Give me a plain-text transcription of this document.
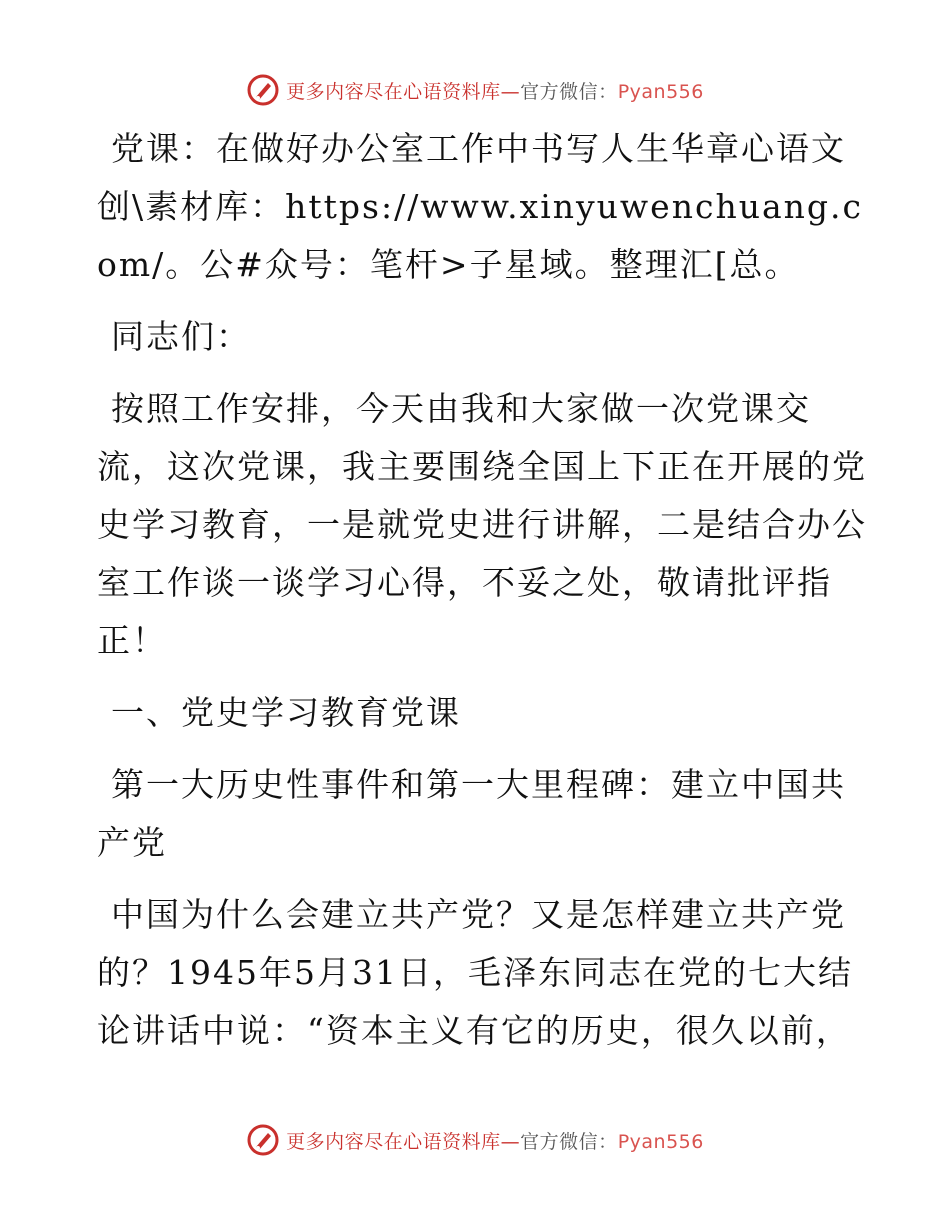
更多内容尽在心语资料库—官方微信：Pyan556

党课：在做好办公室工作中书写人生华章心语文创\素材库：https://www.xinyuwenchuang.com/。公#众号：笔杆>子星域。整理汇[总。

同志们：

按照工作安排，今天由我和大家做一次党课交流，这次党课，我主要围绕全国上下正在开展的党史学习教育，一是就党史进行讲解，二是结合办公室工作谈一谈学习心得，不妥之处，敬请批评指正！

一、党史学习教育党课

第一大历史性事件和第一大里程碑：建立中国共产党

中国为什么会建立共产党？又是怎样建立共产党的？1945年5月31日，毛泽东同志在党的七大结论讲话中说：“资本主义有它的历史，很久以前，

更多内容尽在心语资料库—官方微信：Pyan556
